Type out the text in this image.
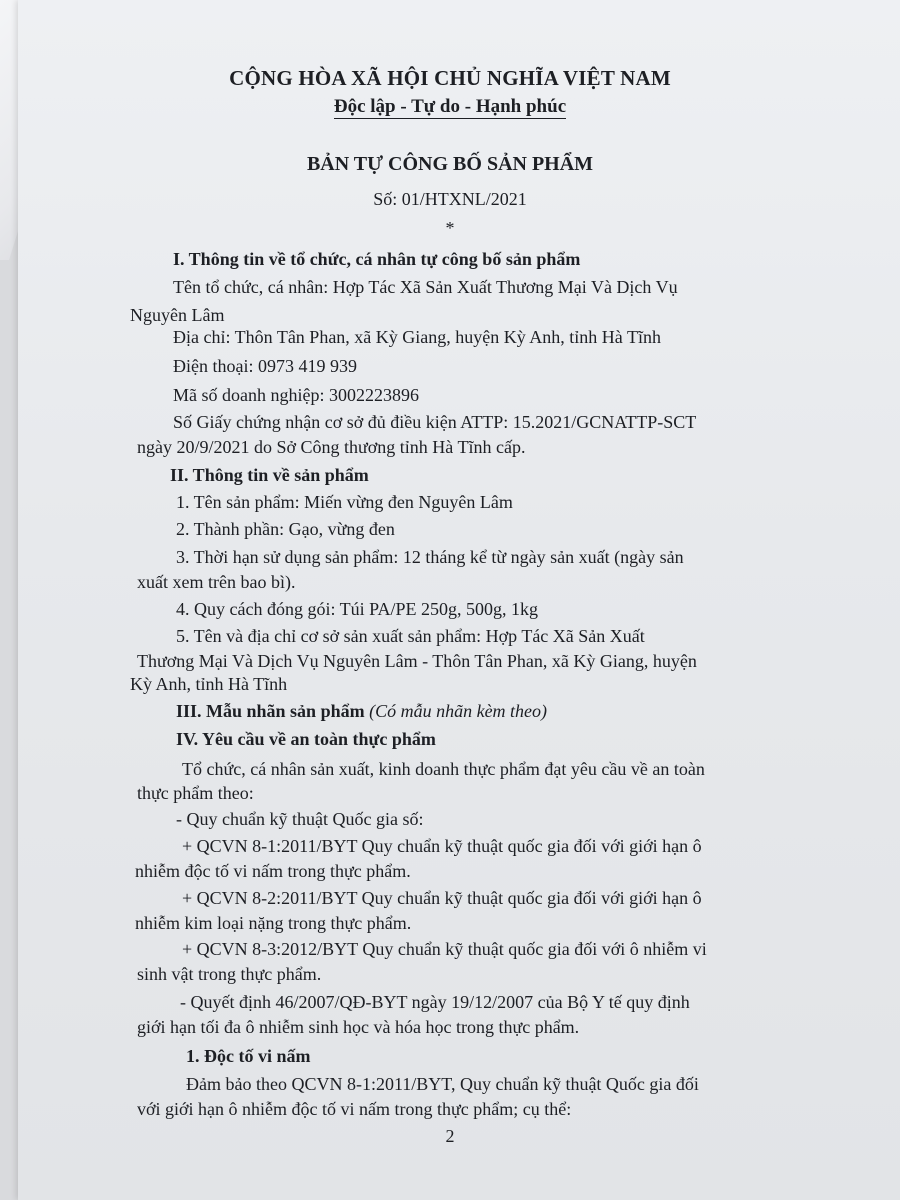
CỘNG HÒA XÃ HỘI CHỦ NGHĨA VIỆT NAM
Độc lập - Tự do - Hạnh phúc
BẢN TỰ CÔNG BỐ SẢN PHẨM
Số: 01/HTXNL/2021
*
I. Thông tin về tổ chức, cá nhân tự công bố sản phẩm
Tên tổ chức, cá nhân: Hợp Tác Xã Sản Xuất Thương Mại Và Dịch Vụ
Nguyên Lâm
Địa chỉ: Thôn Tân Phan, xã Kỳ Giang, huyện Kỳ Anh, tỉnh Hà Tĩnh
Điện thoại: 0973 419 939
Mã số doanh nghiệp: 3002223896
Số Giấy chứng nhận cơ sở đủ điều kiện ATTP: 15.2021/GCNATTP-SCT
ngày 20/9/2021 do Sở Công thương tỉnh Hà Tĩnh cấp.
II. Thông tin về sản phẩm
1. Tên sản phẩm: Miến vừng đen Nguyên Lâm
2. Thành phần: Gạo, vừng đen
3. Thời hạn sử dụng sản phẩm: 12 tháng kể từ ngày sản xuất (ngày sản
xuất xem trên bao bì).
4. Quy cách đóng gói: Túi PA/PE 250g, 500g, 1kg
5. Tên và địa chỉ cơ sở sản xuất sản phẩm: Hợp Tác Xã Sản Xuất
Thương Mại Và Dịch Vụ Nguyên Lâm - Thôn Tân Phan, xã Kỳ Giang, huyện
Kỳ Anh, tỉnh Hà Tĩnh
III. Mẫu nhãn sản phẩm (Có mẫu nhãn kèm theo)
IV. Yêu cầu về an toàn thực phẩm
Tổ chức, cá nhân sản xuất, kinh doanh thực phẩm đạt yêu cầu về an toàn
thực phẩm theo:
- Quy chuẩn kỹ thuật Quốc gia số:
+ QCVN 8-1:2011/BYT Quy chuẩn kỹ thuật quốc gia đối với giới hạn ô
nhiễm độc tố vi nấm trong thực phẩm.
+ QCVN 8-2:2011/BYT Quy chuẩn kỹ thuật quốc gia đối với giới hạn ô
nhiễm kim loại nặng trong thực phẩm.
+ QCVN 8-3:2012/BYT Quy chuẩn kỹ thuật quốc gia đối với ô nhiễm vi
sinh vật trong thực phẩm.
- Quyết định 46/2007/QĐ-BYT ngày 19/12/2007 của Bộ Y tế quy định
giới hạn tối đa ô nhiễm sinh học và hóa học trong thực phẩm.
1. Độc tố vi nấm
Đảm bảo theo QCVN 8-1:2011/BYT, Quy chuẩn kỹ thuật Quốc gia đối
với giới hạn ô nhiễm độc tố vi nấm trong thực phẩm; cụ thể:
2
